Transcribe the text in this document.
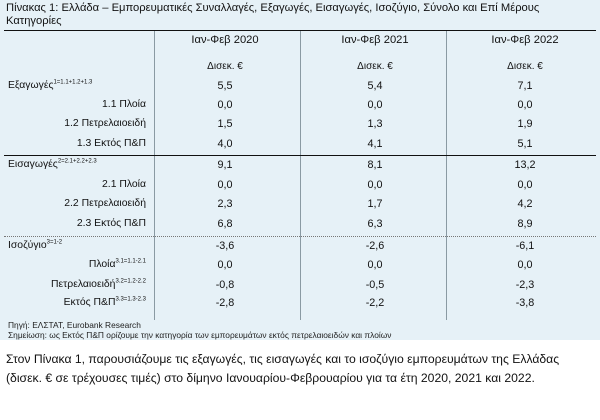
Πίνακας 1: Ελλάδα – Εμπορευματικές Συναλλαγές, Εξαγωγές, Εισαγωγές, Ισοζύγιο, Σύνολο και Επί Μέρους Κατηγορίες
Ιαν-Φεβ 2020	Ιαν-Φεβ 2021	Ιαν-Φεβ 2022
Δισεκ. €	Δισεκ. €	Δισεκ. €
Εξαγωγές$^{1=1.1+1.2+1.3}$	5,5	5,4	7,1
1.1 Πλοία	0,0	0,0	0,0
1.2 Πετρελαιοειδή	1,5	1,3	1,9
1.3 Εκτός Π&Π	4,0	4,1	5,1
Εισαγωγές$^{2=2.1+2.2+2.3}$	9,1	8,1	13,2
2.1 Πλοία	0,0	0,0	0,0
2.2 Πετρελαιοειδή	2,3	1,7	4,2
2.3 Εκτός Π&Π	6,8	6,3	8,9
Ισοζύγιο$^{3=1-2}$	-3,6	-2,6	-6,1
Πλοία$^{3.1=1.1-2.1}$	0,0	0,0	0,0
Πετρελαιοειδή$^{3.2=1.2-2.2}$	-0,8	-0,5	-2,3
Εκτός $\Pi\&\Pi^{3.3=1.3-2.3}$	-2,8	-2,2	-3,8
Πηγή: ΕΛΣΤΑΤ, Eurobank Research
Σημείωση: ως Εκτός Π&Π ορίζουμε την κατηγορία των εμπορευμάτων εκτός πετρελαιοειδών και πλοίων
Στον Πίνακα 1, παρουσιάζουμε τις εξαγωγές, τις εισαγωγές και το ισοζύγιο εμπορευμάτων της Ελλάδας (δισεκ. € σε τρέχουσες τιμές) στο δίμηνο Ιανουαρίου-Φεβρουαρίου για τα έτη 2020, 2021 και 2022.
